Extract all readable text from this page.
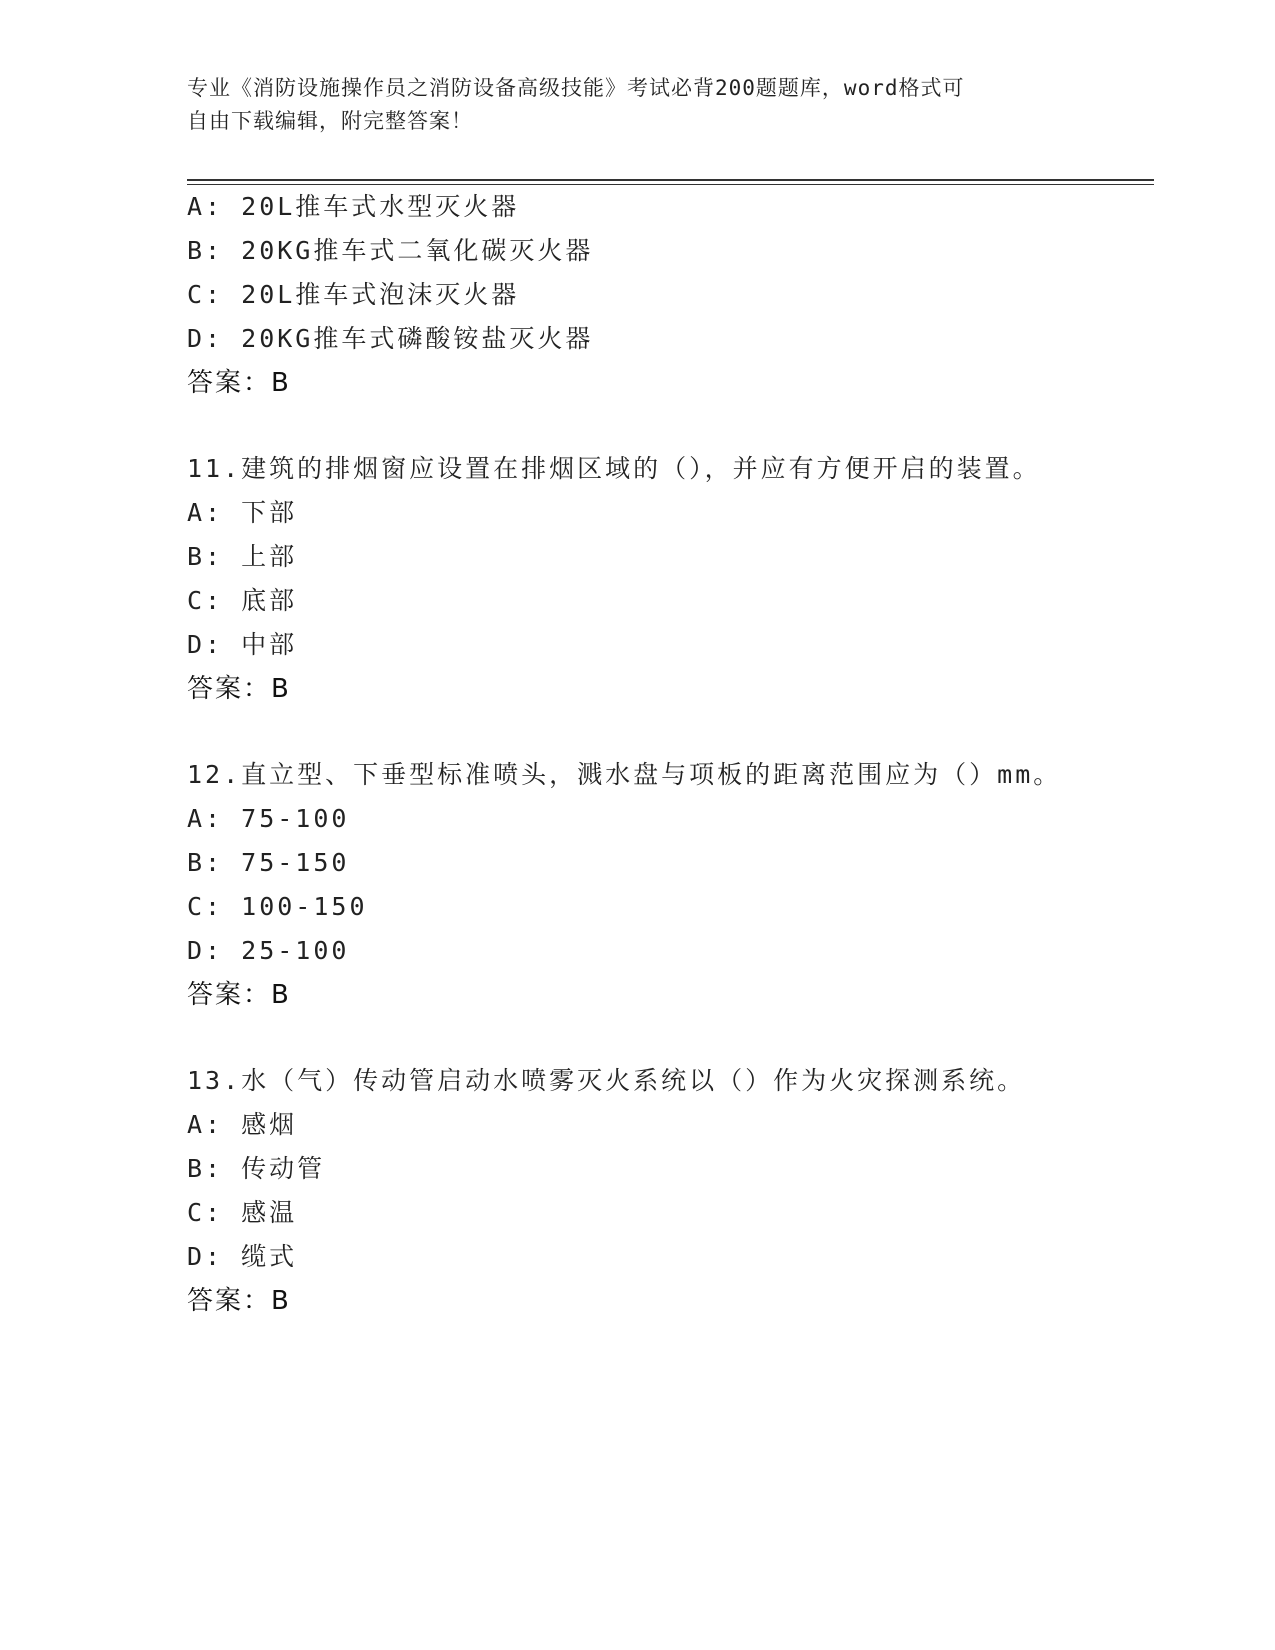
专业《消防设施操作员之消防设备高级技能》考试必背200题题库，word格式可
自由下载编辑，附完整答案！
A: 20L推车式水型灭火器
B: 20KG推车式二氧化碳灭火器
C: 20L推车式泡沫灭火器
D: 20KG推车式磷酸铵盐灭火器
答案：B
11.建筑的排烟窗应设置在排烟区域的（），并应有方便开启的装置。
A: 下部
B: 上部
C: 底部
D: 中部
答案：B
12.直立型、下垂型标准喷头，溅水盘与项板的距离范围应为（）mm。
A: 75-100
B: 75-150
C: 100-150
D: 25-100
答案：B
13.水（气）传动管启动水喷雾灭火系统以（）作为火灾探测系统。
A: 感烟
B: 传动管
C: 感温
D: 缆式
答案：B
